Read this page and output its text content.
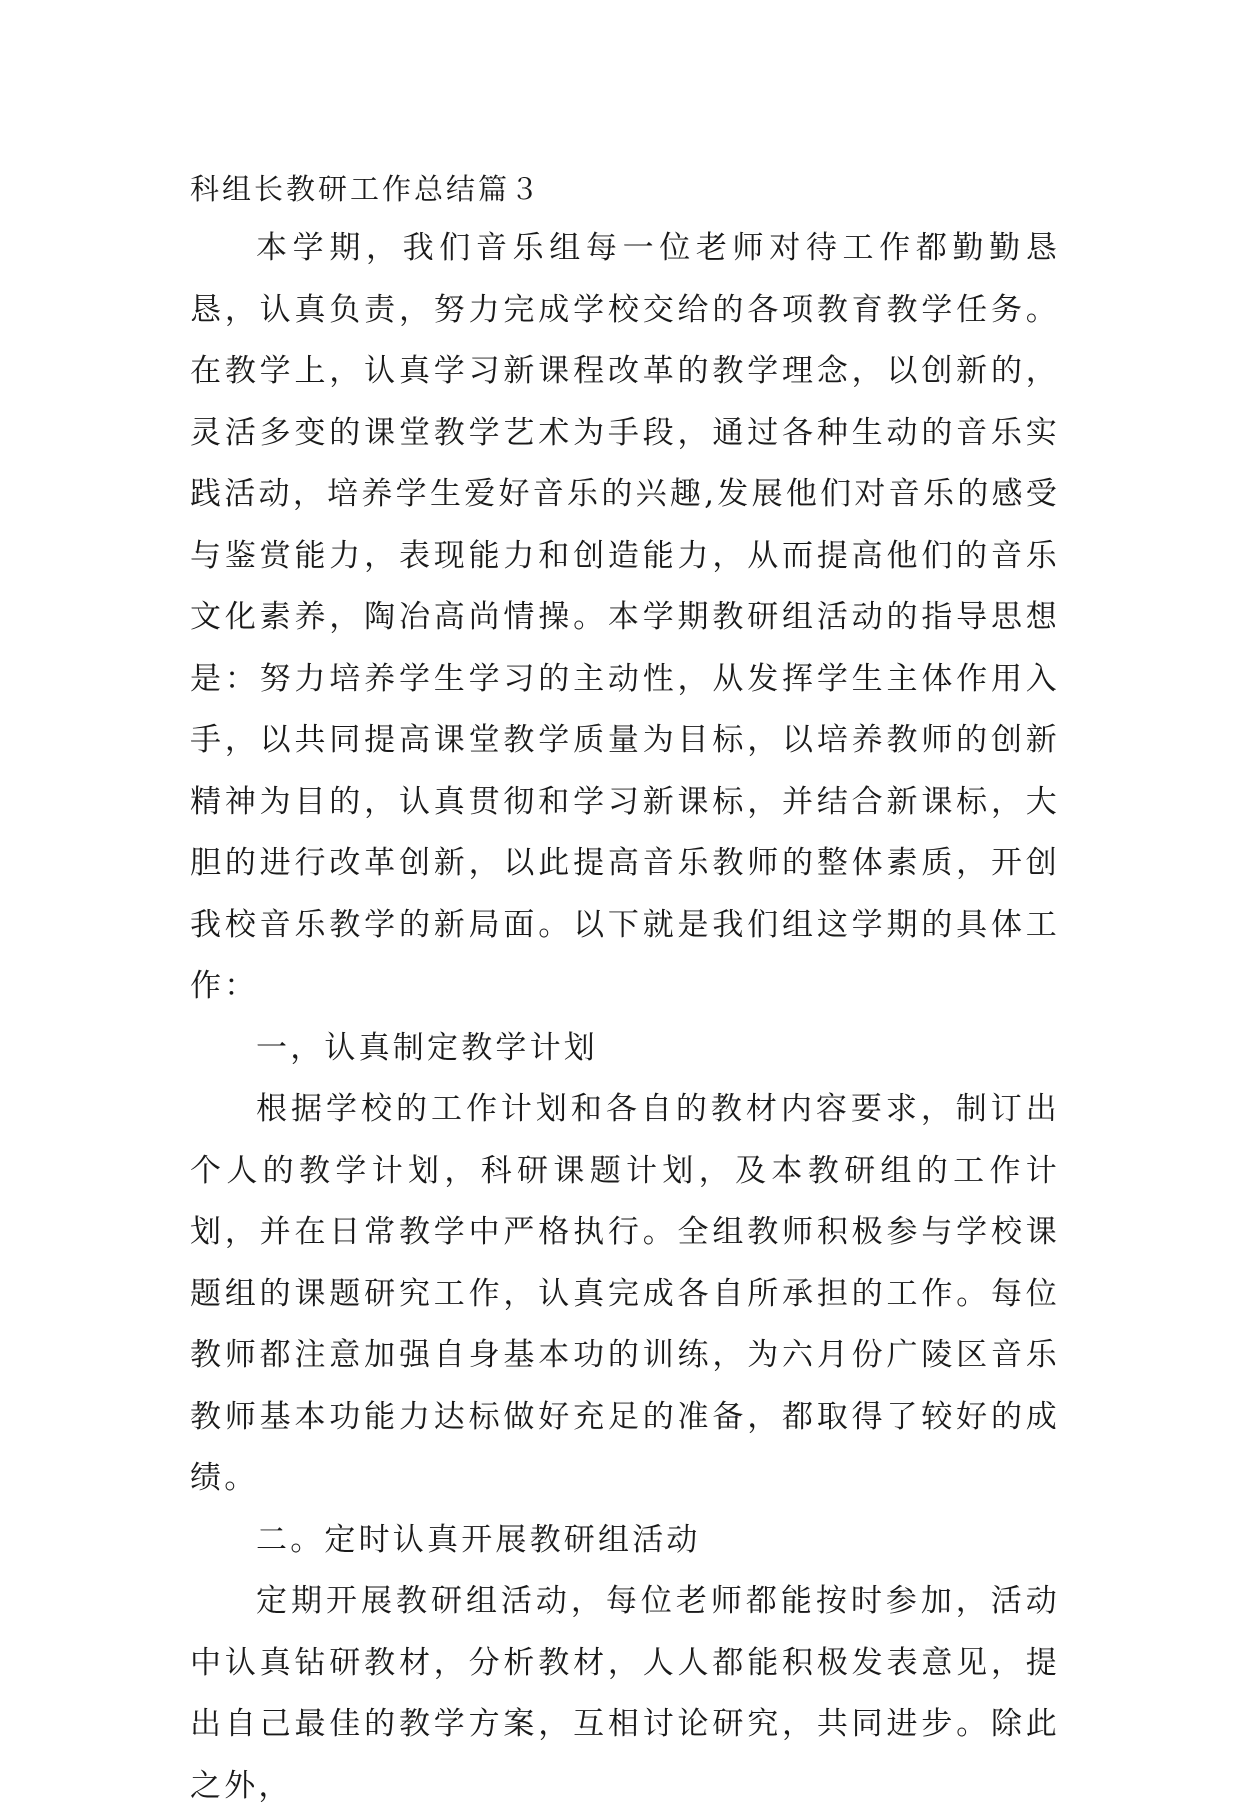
科组长教研工作总结篇３

本学期，我们音乐组每一位老师对待工作都勤勤恳恳，认真负责，努力完成学校交给的各项教育教学任务。在教学上，认真学习新课程改革的教学理念，以创新的，灵活多变的课堂教学艺术为手段，通过各种生动的音乐实践活动，培养学生爱好音乐的兴趣,发展他们对音乐的感受与鉴赏能力，表现能力和创造能力，从而提高他们的音乐文化素养，陶冶高尚情操。本学期教研组活动的指导思想是：努力培养学生学习的主动性，从发挥学生主体作用入手，以共同提高课堂教学质量为目标，以培养教师的创新精神为目的，认真贯彻和学习新课标，并结合新课标，大胆的进行改革创新，以此提高音乐教师的整体素质，开创我校音乐教学的新局面。以下就是我们组这学期的具体工作：

一，认真制定教学计划

根据学校的工作计划和各自的教材内容要求，制订出个人的教学计划，科研课题计划，及本教研组的工作计划，并在日常教学中严格执行。全组教师积极参与学校课题组的课题研究工作，认真完成各自所承担的工作。每位教师都注意加强自身基本功的训练，为六月份广陵区音乐教师基本功能力达标做好充足的准备，都取得了较好的成绩。

二。定时认真开展教研组活动

定期开展教研组活动，每位老师都能按时参加，活动中认真钻研教材，分析教材，人人都能积极发表意见，提出自己最佳的教学方案，互相讨论研究，共同进步。除此之外，
